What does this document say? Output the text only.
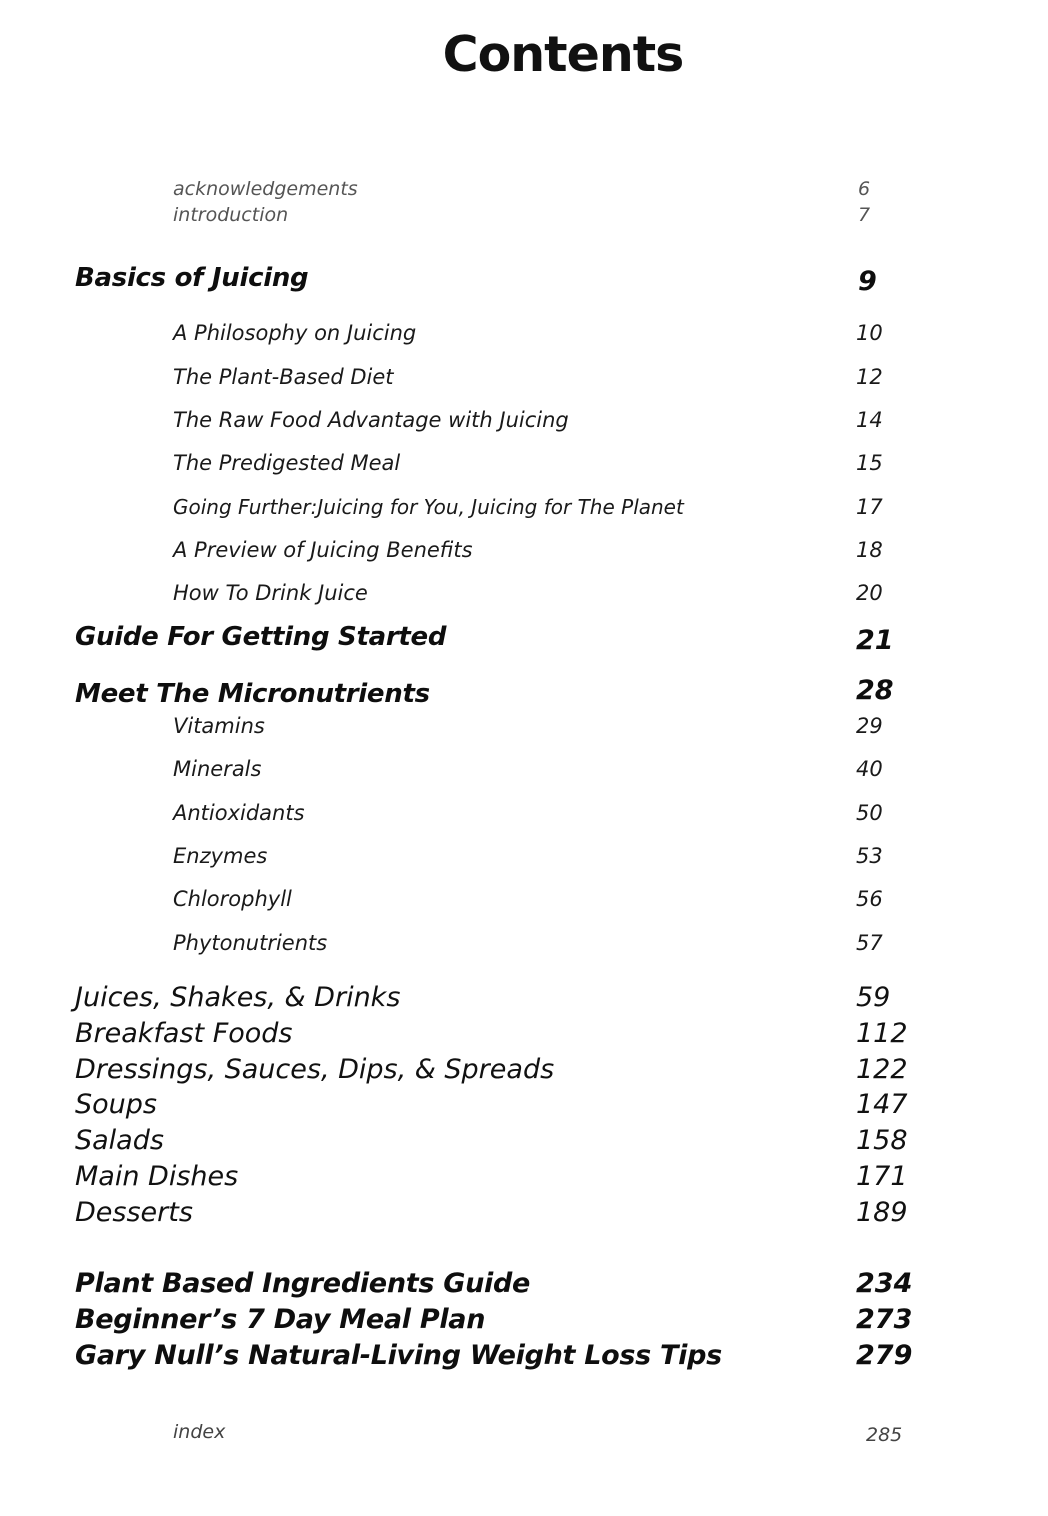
Contents
acknowledgements	6
introduction	7
Basics of Juicing	9
A Philosophy on Juicing	10
The Plant-Based Diet	12
The Raw Food Advantage with Juicing	14
The Predigested Meal	15
Going Further:Juicing for You, Juicing for The Planet	17
A Preview of Juicing Benefits	18
How To Drink Juice	20
Guide For Getting Started	21
Meet The Micronutrients	28
Vitamins	29
Minerals	40
Antioxidants	50
Enzymes	53
Chlorophyll	56
Phytonutrients	57
Juices, Shakes, & Drinks	59
Breakfast Foods	112
Dressings, Sauces, Dips, & Spreads	122
Soups	147
Salads	158
Main Dishes	171
Desserts	189
Plant Based Ingredients Guide	234
Beginner’s 7 Day Meal Plan	273
Gary Null’s Natural-Living Weight Loss Tips	279
index	285
